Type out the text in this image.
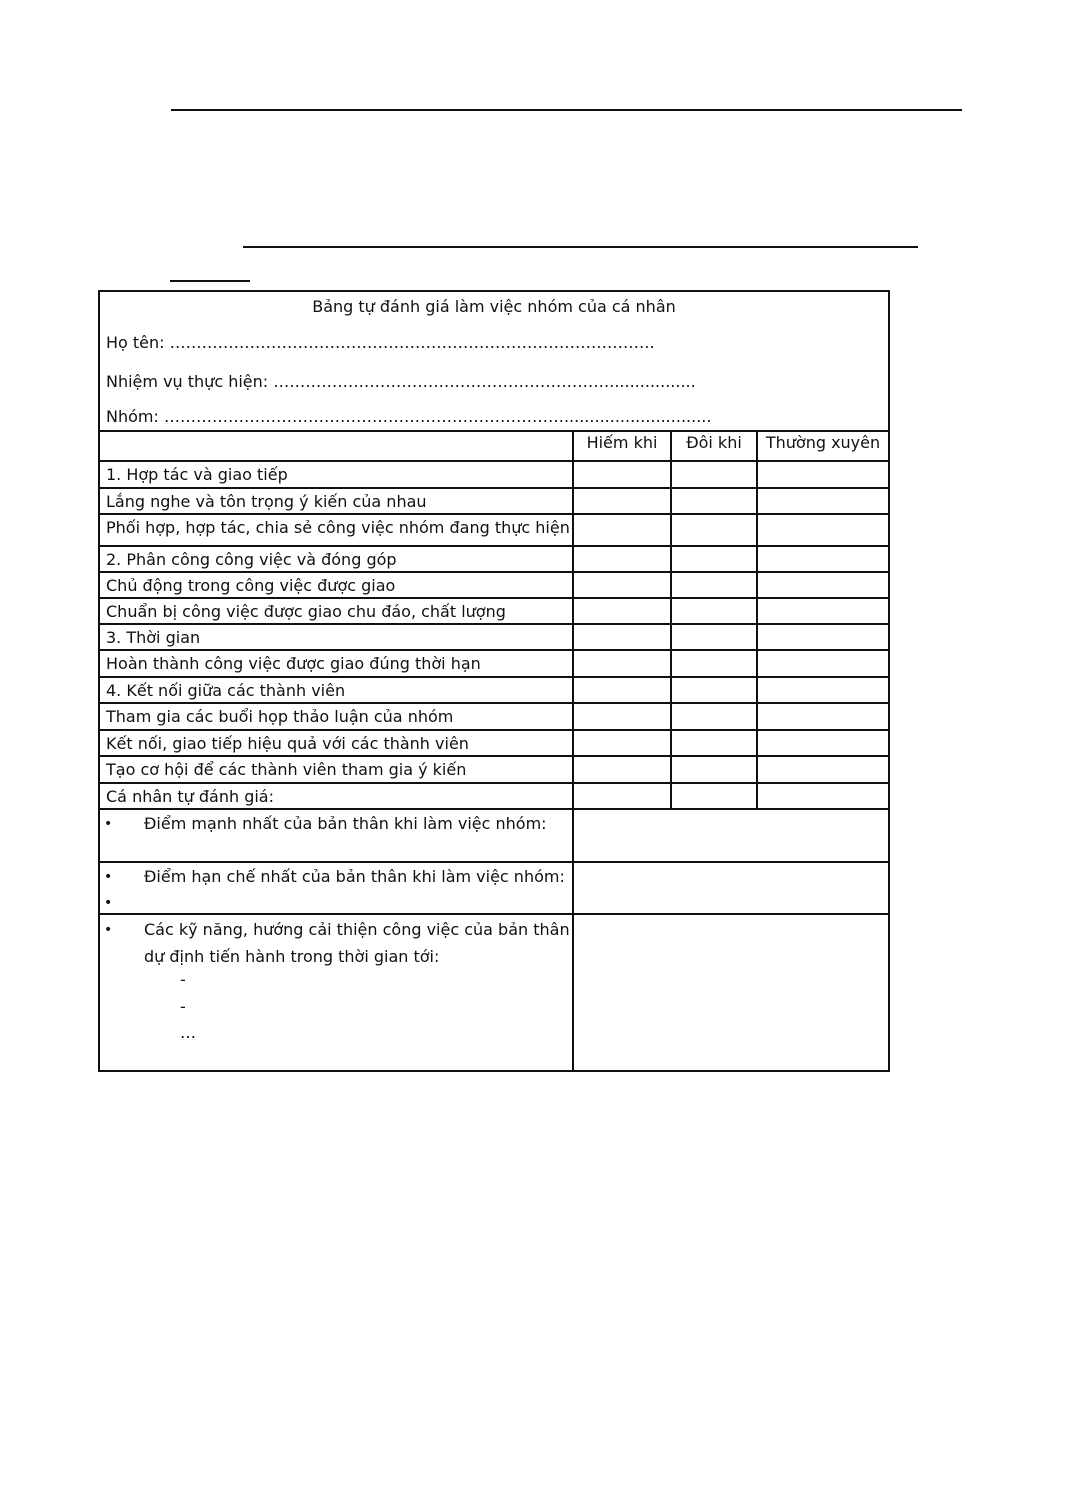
Bảng tự đánh giá làm việc nhóm của cá nhân
Họ tên: ……………………………………………………………………………….
Nhiệm vụ thực hiện: ……………………………………………………….................
Nhóm: ………………………………………………………………….............................
Hiếm khi	Đôi khi	Thường xuyên
1. Hợp tác và giao tiếp
Lắng nghe và tôn trọng ý kiến của nhau
Phối hợp, hợp tác, chia sẻ công việc nhóm đang thực hiện
2. Phân công công việc và đóng góp
Chủ động trong công việc được giao
Chuẩn bị công việc được giao chu đáo, chất lượng
3. Thời gian
Hoàn thành công việc được giao đúng thời hạn
4. Kết nối giữa các thành viên
Tham gia các buổi họp thảo luận của nhóm
Kết nối, giao tiếp hiệu quả với các thành viên
Tạo cơ hội để các thành viên tham gia ý kiến
Cá nhân tự đánh giá:
• Điểm mạnh nhất của bản thân khi làm việc nhóm:
• Điểm hạn chế nhất của bản thân khi làm việc nhóm:
•
• Các kỹ năng, hướng cải thiện công việc của bản thân
dự định tiến hành trong thời gian tới:
-
-
…
